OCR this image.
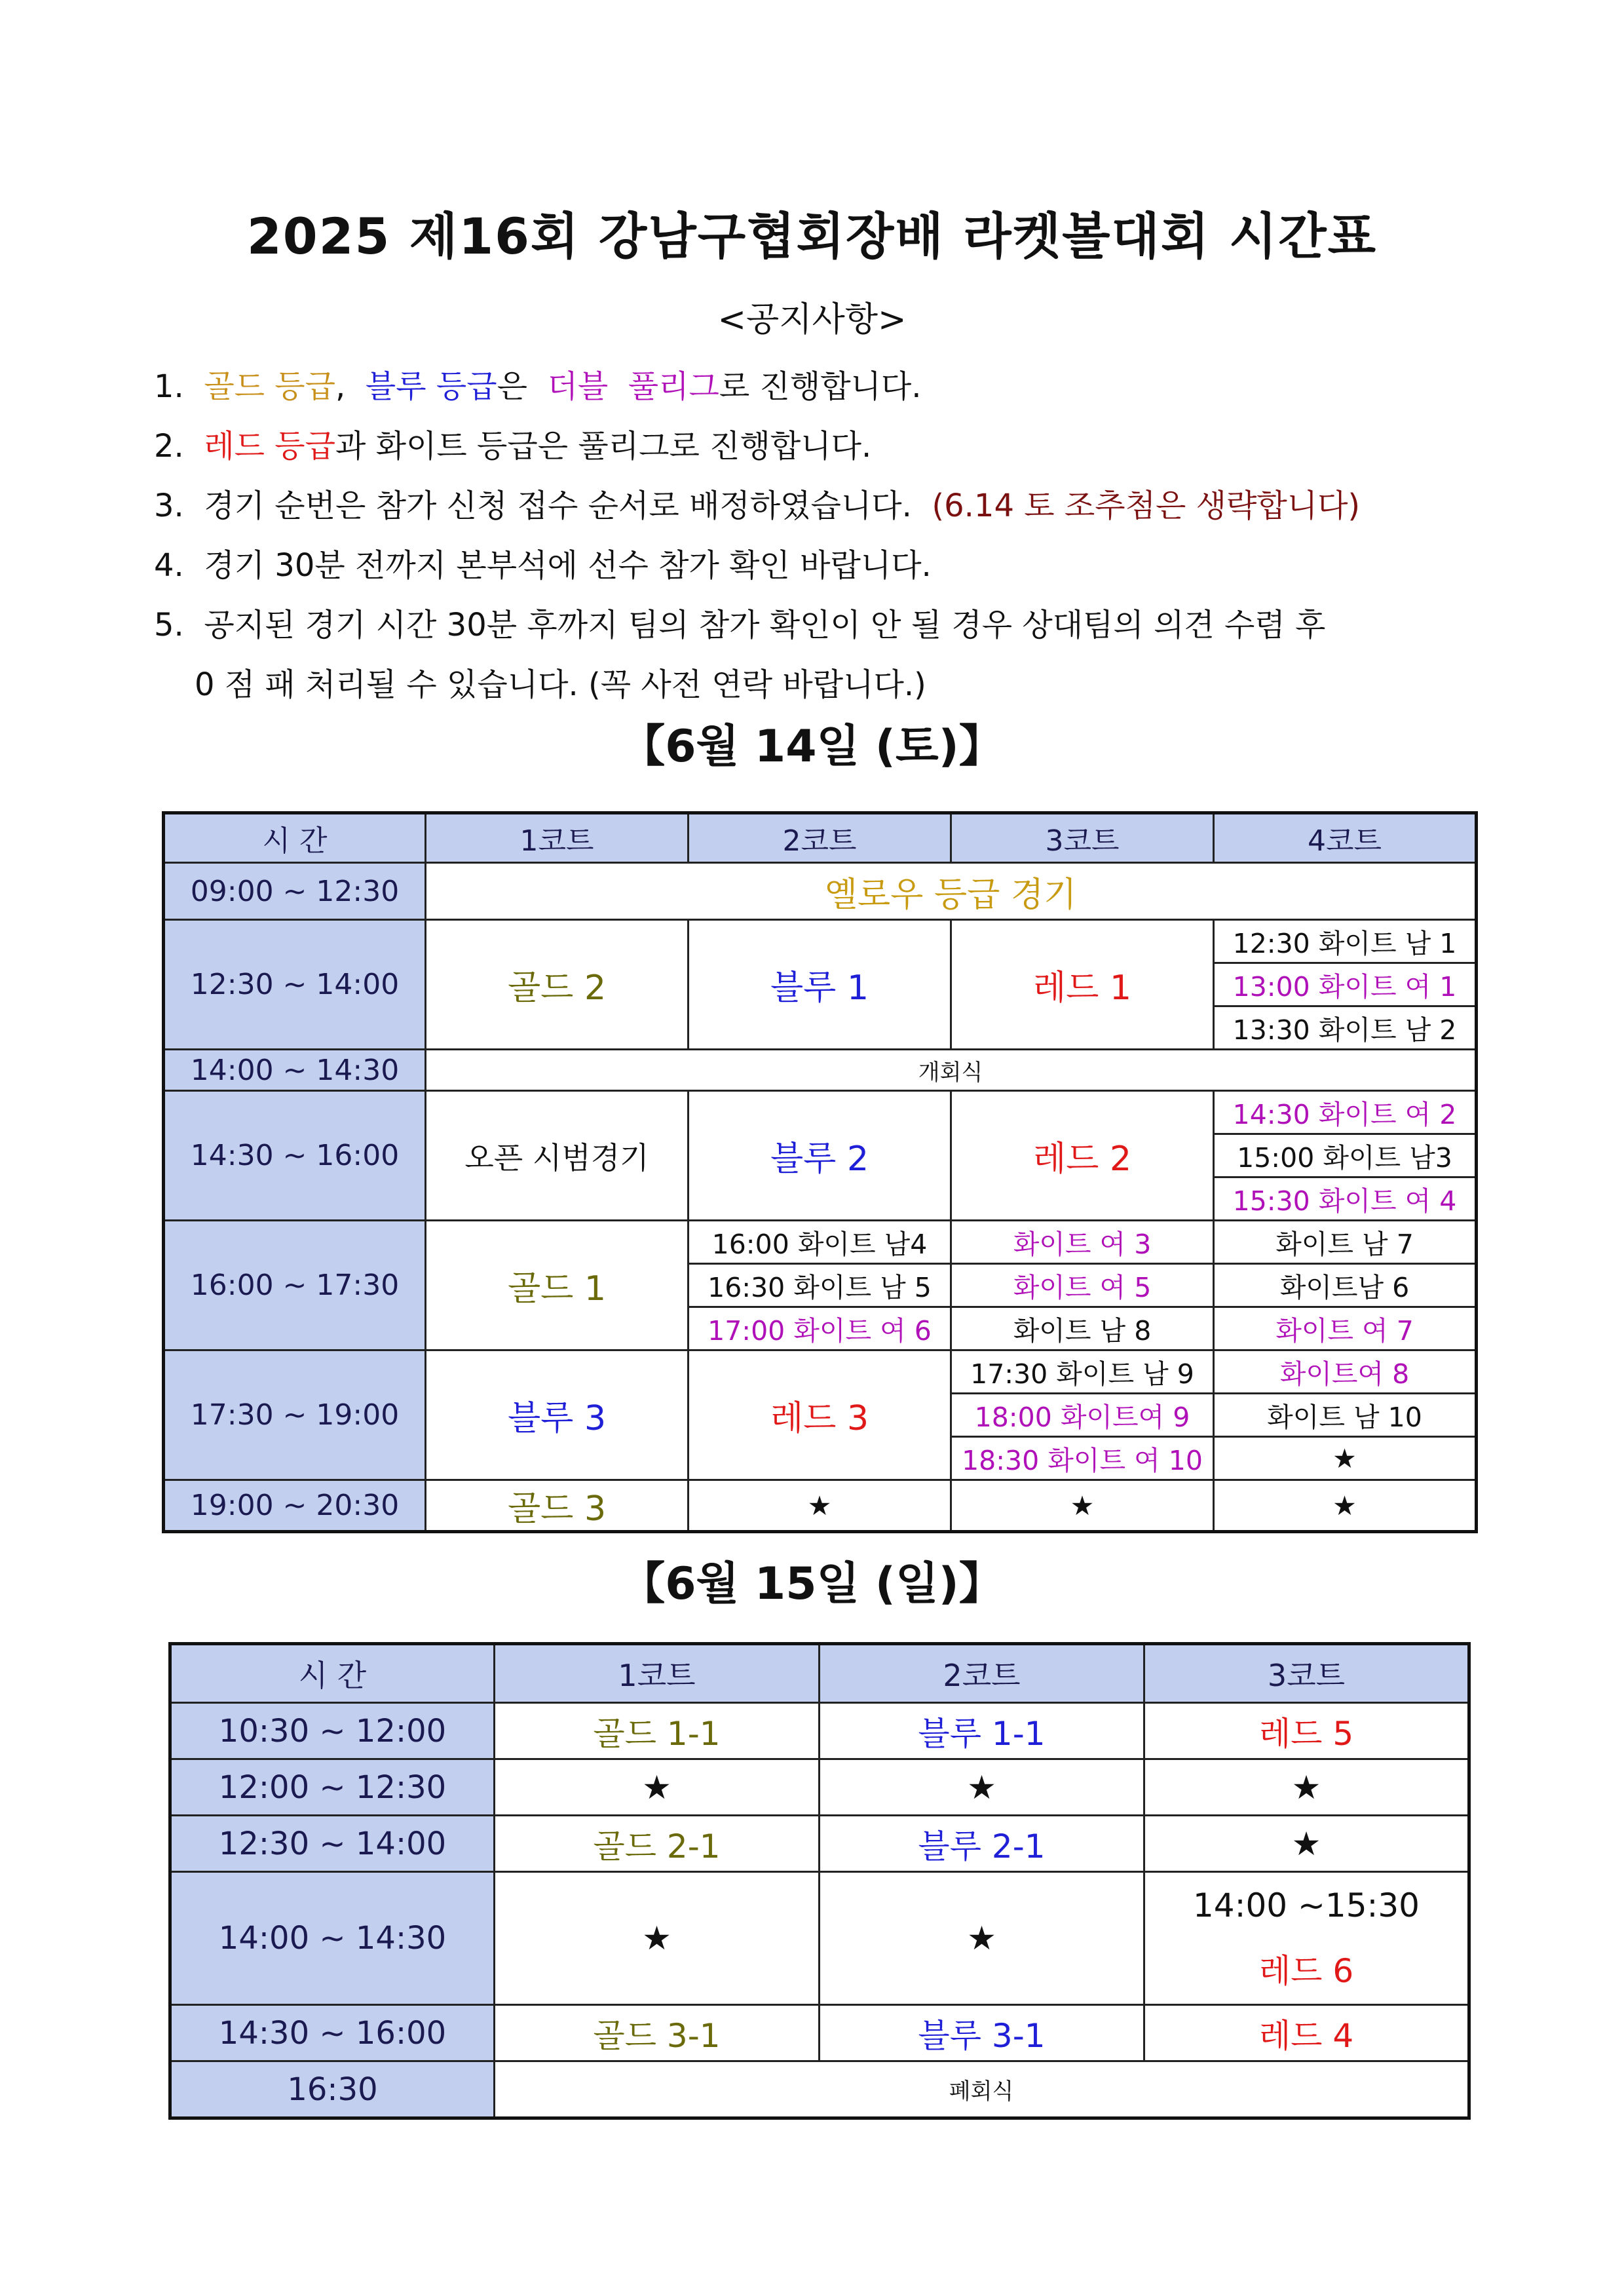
2025 제16회 강남구협회장배 라켓볼대회 시간표
<공지사항>
1. 골드 등급, 블루 등급은 더블 풀리그로 진행합니다.
2. 레드 등급과 화이트 등급은 풀리그로 진행합니다.
3. 경기 순번은 참가 신청 접수 순서로 배정하였습니다. (6.14 토 조추첨은 생략합니다)
4. 경기 30분 전까지 본부석에 선수 참가 확인 바랍니다.
5. 공지된 경기 시간 30분 후까지 팀의 참가 확인이 안 될 경우 상대팀의 의견 수렴 후
0 점 패 처리될 수 있습니다. (꼭 사전 연락 바랍니다.)
【6월 14일 (토)】
시 간	1코트	2코트	3코트	4코트
09:00 ~ 12:30	옐로우 등급 경기			
12:30 ~ 14:00	골드 2	블루 1	레드 1	12:30 화이트 남 1
				13:00 화이트 여 1
				13:30 화이트 남 2
14:00 ~ 14:30	개회식			
14:30 ~ 16:00	오픈 시범경기	블루 2	레드 2	14:30 화이트 여 2
				15:00 화이트 남3
				15:30 화이트 여 4
16:00 ~ 17:30	골드 1	16:00 화이트 남4	화이트 여 3	화이트 남 7
		16:30 화이트 남 5	화이트 여 5	화이트남 6
		17:00 화이트 여 6	화이트 남 8	화이트 여 7
17:30 ~ 19:00	블루 3	레드 3	17:30 화이트 남 9	화이트여 8
			18:00 화이트여 9	화이트 남 10
			18:30 화이트 여 10	★
19:00 ~ 20:30	골드 3	★	★	★
【6월 15일 (일)】
시 간	1코트	2코트	3코트
10:30 ~ 12:00	골드 1-1	블루 1-1	레드 5
12:00 ~ 12:30	★	★	★
12:30 ~ 14:00	골드 2-1	블루 2-1	★
14:00 ~ 14:30	★	★	14:00 ~15:30
레드 6

14:30 ~ 16:00	골드 3-1	블루 3-1	레드 4
16:30	폐회식		
